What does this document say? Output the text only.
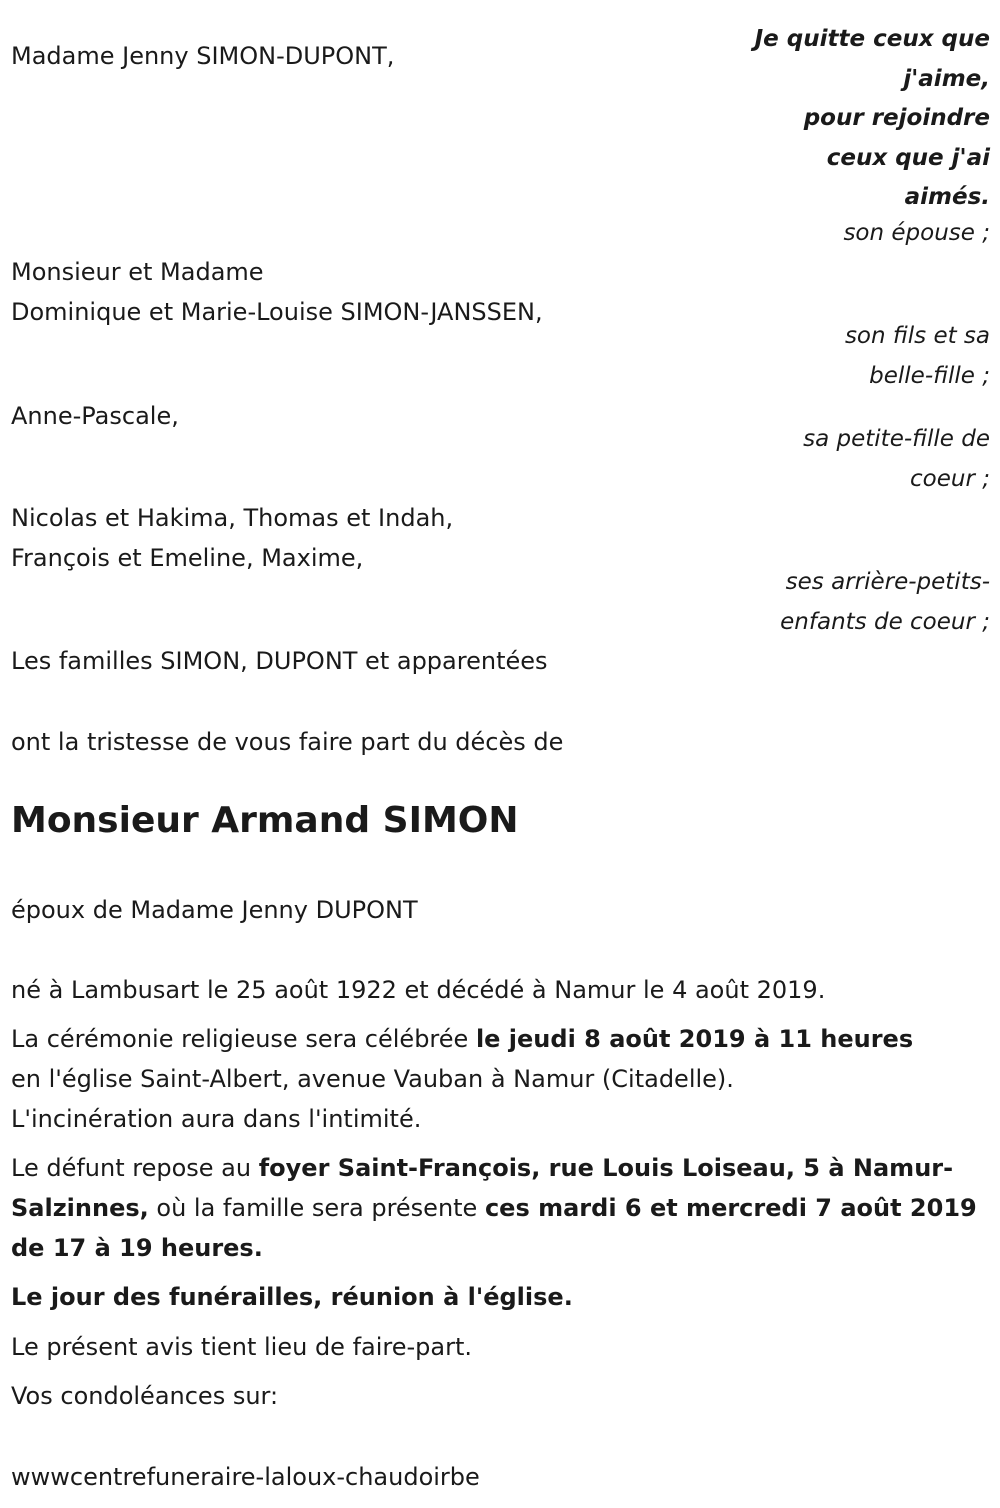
Je quitte ceux que
j'aime,
pour rejoindre
ceux que j'ai
aimés.

Madame Jenny SIMON-DUPONT,

son épouse ;

Monsieur et Madame

Dominique et Marie-Louise SIMON-JANSSEN,

son fils et sa

belle-fille ;

Anne-Pascale,

sa petite-fille de

coeur ;

Nicolas et Hakima, Thomas et Indah,

François et Emeline, Maxime,

ses arrière-petits-

enfants de coeur ;

Les familles SIMON, DUPONT et apparentées

ont la tristesse de vous faire part du décès de

Monsieur Armand SIMON

époux de Madame Jenny DUPONT

né à Lambusart le 25 août 1922 et décédé à Namur le 4 août 2019.

La cérémonie religieuse sera célébrée le jeudi 8 août 2019 à 11 heures
en l'église Saint-Albert, avenue Vauban à Namur (Citadelle).
L'incinération aura dans l'intimité.
Le défunt repose au foyer Saint-François, rue Louis Loiseau, 5 à Namur-Salzinnes, où la famille sera présente ces mardi 6 et mercredi 7 août 2019 de 17 à 19 heures.

Le jour des funérailles, réunion à l'église.

Le présent avis tient lieu de faire-part.

Vos condoléances sur:

wwwcentrefuneraire-laloux-chaudoirbe
